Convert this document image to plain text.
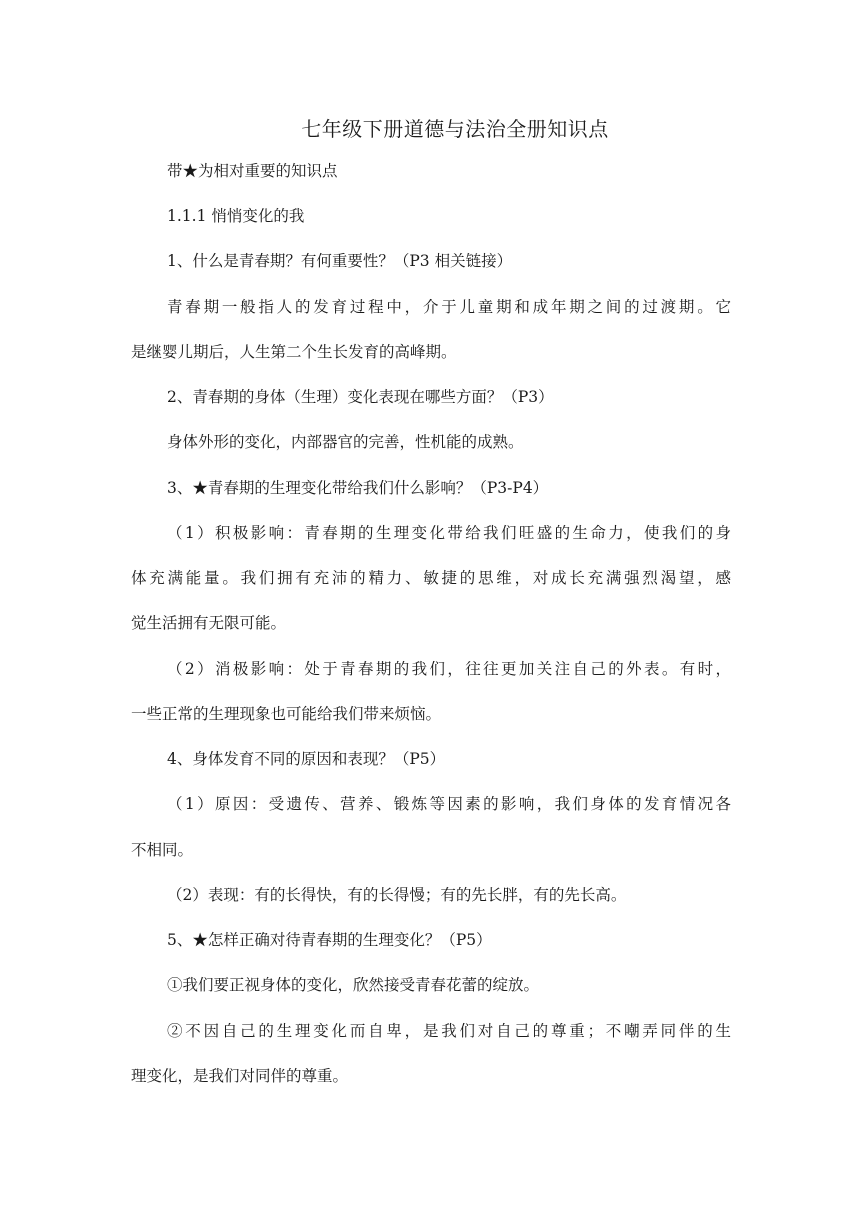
七年级下册道德与法治全册知识点
带★为相对重要的知识点
1.1.1 悄悄变化的我
1、什么是青春期？有何重要性？（P3 相关链接）
青春期一般指人的发育过程中，介于儿童期和成年期之间的过渡期。它
是继婴儿期后，人生第二个生长发育的高峰期。
2、青春期的身体（生理）变化表现在哪些方面？（P3）
身体外形的变化，内部器官的完善，性机能的成熟。
3、★青春期的生理变化带给我们什么影响？（P3-P4）
（1）积极影响：青春期的生理变化带给我们旺盛的生命力，使我们的身
体充满能量。我们拥有充沛的精力、敏捷的思维，对成长充满强烈渴望，感
觉生活拥有无限可能。
（2）消极影响：处于青春期的我们，往往更加关注自己的外表。有时，
一些正常的生理现象也可能给我们带来烦恼。
4、身体发育不同的原因和表现？（P5）
（1）原因：受遗传、营养、锻炼等因素的影响，我们身体的发育情况各
不相同。
（2）表现：有的长得快，有的长得慢；有的先长胖，有的先长高。
5、★怎样正确对待青春期的生理变化？（P5）
①我们要正视身体的变化，欣然接受青春花蕾的绽放。
②不因自己的生理变化而自卑，是我们对自己的尊重；不嘲弄同伴的生
理变化，是我们对同伴的尊重。
